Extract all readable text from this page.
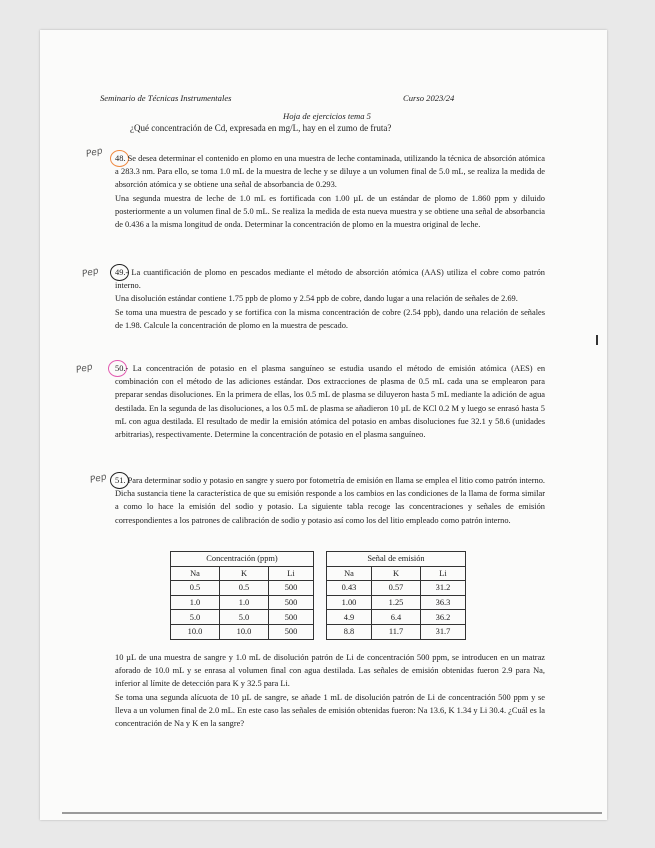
Seminario de Técnicas Instrumentales	Curso 2023/24
Hoja de ejercicios tema 5
¿Qué concentración de Cd, expresada en mg/L, hay en el zumo de fruta?
Pep 48. Se desea determinar el contenido en plomo en una muestra de leche contaminada, utilizando la técnica de absorción atómica a 283.3 nm. Para ello, se toma 1.0 mL de la muestra de leche y se diluye a un volumen final de 5.0 mL, se realiza la medida de absorción atómica y se obtiene una señal de absorbancia de 0.293.

Una segunda muestra de leche de 1.0 mL es fortificada con 1.00 µL de un estándar de plomo de 1.860 ppm y diluido posteriormente a un volumen final de 5.0 mL. Se realiza la medida de esta nueva muestra y se obtiene una señal de absorbancia de 0.436 a la misma longitud de onda. Determinar la concentración de plomo en la muestra original de leche.

Pep 49.- La cuantificación de plomo en pescados mediante el método de absorción atómica (AAS) utiliza el cobre como patrón interno.

Una disolución estándar contiene 1.75 ppb de plomo y 2.54 ppb de cobre, dando lugar a una relación de señales de 2.69.

Se toma una muestra de pescado y se fortifica con la misma concentración de cobre (2.54 ppb), dando una relación de señales de 1.98. Calcule la concentración de plomo en la muestra de pescado.

Pep	50.- La concentración de potasio en el plasma sanguíneo se estudia usando el método de emisión atómica (AES) en combinación con el método de las adiciones estándar. Dos extracciones de plasma de 0.5 mL cada una se emplearon para preparar sendas disoluciones. En la primera de ellas, los 0.5 mL de plasma se diluyeron hasta 5 mL mediante la adición de agua destilada. En la segunda de las disoluciones, a los 0.5 mL de plasma se añadieron 10 µL de KCl 0.2 M y luego se enrasó hasta 5 mL con agua destilada. El resultado de medir la emisión atómica del potasio en ambas disoluciones fue 32.1 y 58.6 (unidades arbitrarias), respectivamente. Determine la concentración de potasio en el plasma sanguíneo.

Pep 51. Para determinar sodio y potasio en sangre y suero por fotometría de emisión en llama se emplea el litio como patrón interno. Dicha sustancia tiene la característica de que su emisión responde a los cambios en las condiciones de la llama de forma similar a como lo hace la emisión del sodio y potasio. La siguiente tabla recoge las concentraciones y señales de emisión correspondientes a los patrones de calibración de sodio y potasio así como los del litio empleado como patrón interno.

Concentración (ppm)				Señal de emisión		
Na	K	Li		Na	K	Li
0.5	0.5	500		0.43	0.57	31.2
1.0	1.0	500		1.00	1.25	36.3
5.0	5.0	500		4.9	6.4	36.2
10.0	10.0	500		8.8	11.7	31.7

10 µL de una muestra de sangre y 1.0 mL de disolución patrón de Li de concentración 500 ppm, se introducen en un matraz aforado de 10.0 mL y se enrasa al volumen final con agua destilada. Las señales de emisión obtenidas fueron 2.9 para Na, inferior al límite de detección para K y 32.5 para Li.

Se toma una segunda alícuota de 10 µL de sangre, se añade 1 mL de disolución patrón de Li de concentración 500 ppm y se lleva a un volumen final de 2.0 mL. En este caso las señales de emisión obtenidas fueron: Na 13.6, K 1.34 y Li 30.4. ¿Cuál es la concentración de Na y K en la sangre?
